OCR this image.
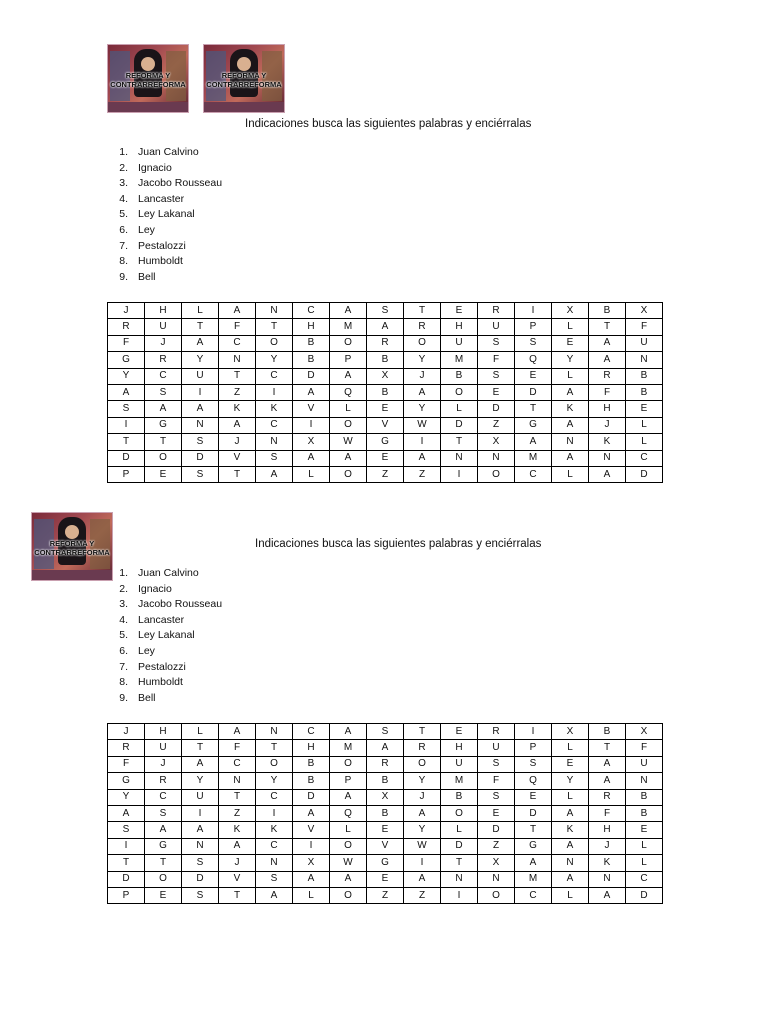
REFORMA Y
CONTRARREFORMA
REFORMA Y
CONTRARREFORMA
REFORMA Y
CONTRARREFORMA
Indicaciones busca las siguientes palabras y enciérralas
1. Juan Calvino
2. Ignacio
3. Jacobo Rousseau
4. Lancaster
5. Ley Lakanal
6. Ley
7. Pestalozzi
8. Humboldt
9. Bell
J	H	L	A	N	C	A	S	T	E	R	I	X	B	X
R	U	T	F	T	H	M	A	R	H	U	P	L	T	F
F	J	A	C	O	B	O	R	O	U	S	S	E	A	U
G	R	Y	N	Y	B	P	B	Y	M	F	Q	Y	A	N
Y	C	U	T	C	D	A	X	J	B	S	E	L	R	B
A	S	I	Z	I	A	Q	B	A	O	E	D	A	F	B
S	A	A	K	K	V	L	E	Y	L	D	T	K	H	E
I	G	N	A	C	I	O	V	W	D	Z	G	A	J	L
T	T	S	J	N	X	W	G	I	T	X	A	N	K	L
D	O	D	V	S	A	A	E	A	N	N	M	A	N	C
P	E	S	T	A	L	O	Z	Z	I	O	C	L	A	D
Indicaciones busca las siguientes palabras y enciérralas
1. Juan Calvino
2. Ignacio
3. Jacobo Rousseau
4. Lancaster
5. Ley Lakanal
6. Ley
7. Pestalozzi
8. Humboldt
9. Bell
J	H	L	A	N	C	A	S	T	E	R	I	X	B	X
R	U	T	F	T	H	M	A	R	H	U	P	L	T	F
F	J	A	C	O	B	O	R	O	U	S	S	E	A	U
G	R	Y	N	Y	B	P	B	Y	M	F	Q	Y	A	N
Y	C	U	T	C	D	A	X	J	B	S	E	L	R	B
A	S	I	Z	I	A	Q	B	A	O	E	D	A	F	B
S	A	A	K	K	V	L	E	Y	L	D	T	K	H	E
I	G	N	A	C	I	O	V	W	D	Z	G	A	J	L
T	T	S	J	N	X	W	G	I	T	X	A	N	K	L
D	O	D	V	S	A	A	E	A	N	N	M	A	N	C
P	E	S	T	A	L	O	Z	Z	I	O	C	L	A	D
